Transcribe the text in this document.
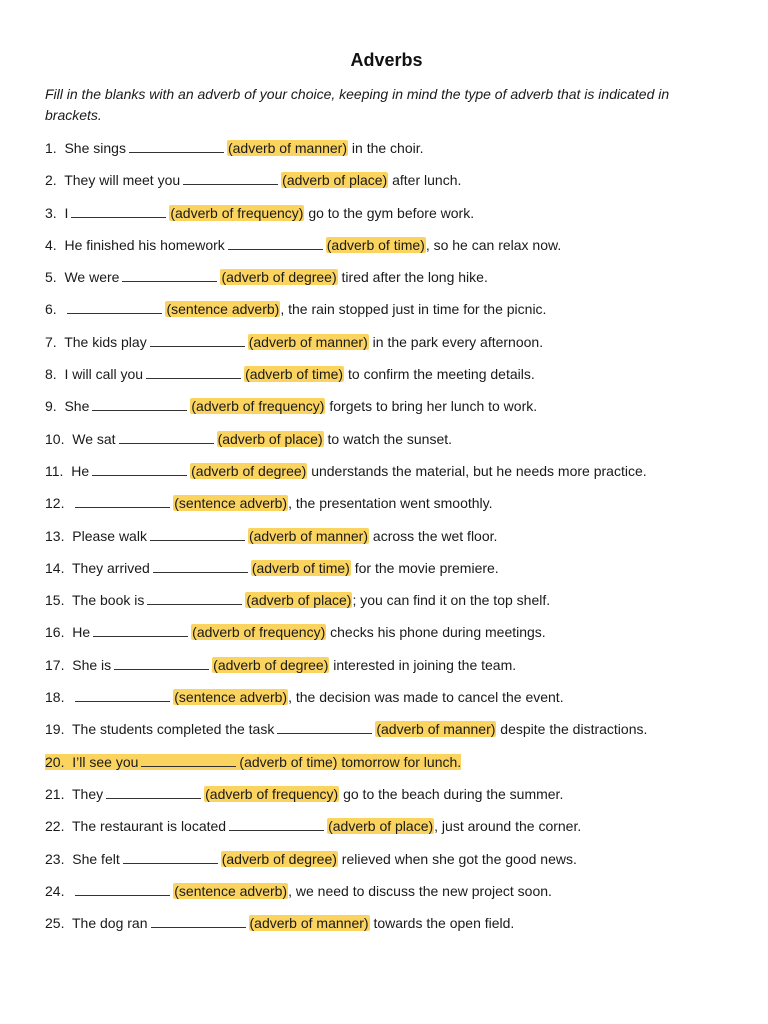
Adverbs

Fill in the blanks with an adverb of your choice, keeping in mind the type of adverb that is indicated in brackets.

1. She sings	(adverb of manner) in the choir.
2. They will meet you	(adverb of place) after lunch.
3. I	(adverb of frequency) go to the gym before work.
4. He finished his homework	(adverb of time), so he can relax now.
5. We were	(adverb of degree) tired after the long hike.
6.	(sentence adverb), the rain stopped just in time for the picnic.
7. The kids play	(adverb of manner) in the park every afternoon.
8. I will call you	(adverb of time) to confirm the meeting details.
9. She	(adverb of frequency) forgets to bring her lunch to work.
10. We sat	(adverb of place) to watch the sunset.
11. He	(adverb of degree) understands the material, but he needs more practice.
12.	(sentence adverb), the presentation went smoothly.
13. Please walk	(adverb of manner) across the wet floor.
14. They arrived	(adverb of time) for the movie premiere.
15. The book is	(adverb of place); you can find it on the top shelf.
16. He	(adverb of frequency) checks his phone during meetings.
17. She is	(adverb of degree) interested in joining the team.
18.	(sentence adverb), the decision was made to cancel the event.
19. The students completed the task	(adverb of manner) despite the distractions.
20. I’ll see you	(adverb of time) tomorrow for lunch.
21. They	(adverb of frequency) go to the beach during the summer.
22. The restaurant is located	(adverb of place), just around the corner.
23. She felt	(adverb of degree) relieved when she got the good news.
24.	(sentence adverb), we need to discuss the new project soon.
25. The dog ran	(adverb of manner) towards the open field.
